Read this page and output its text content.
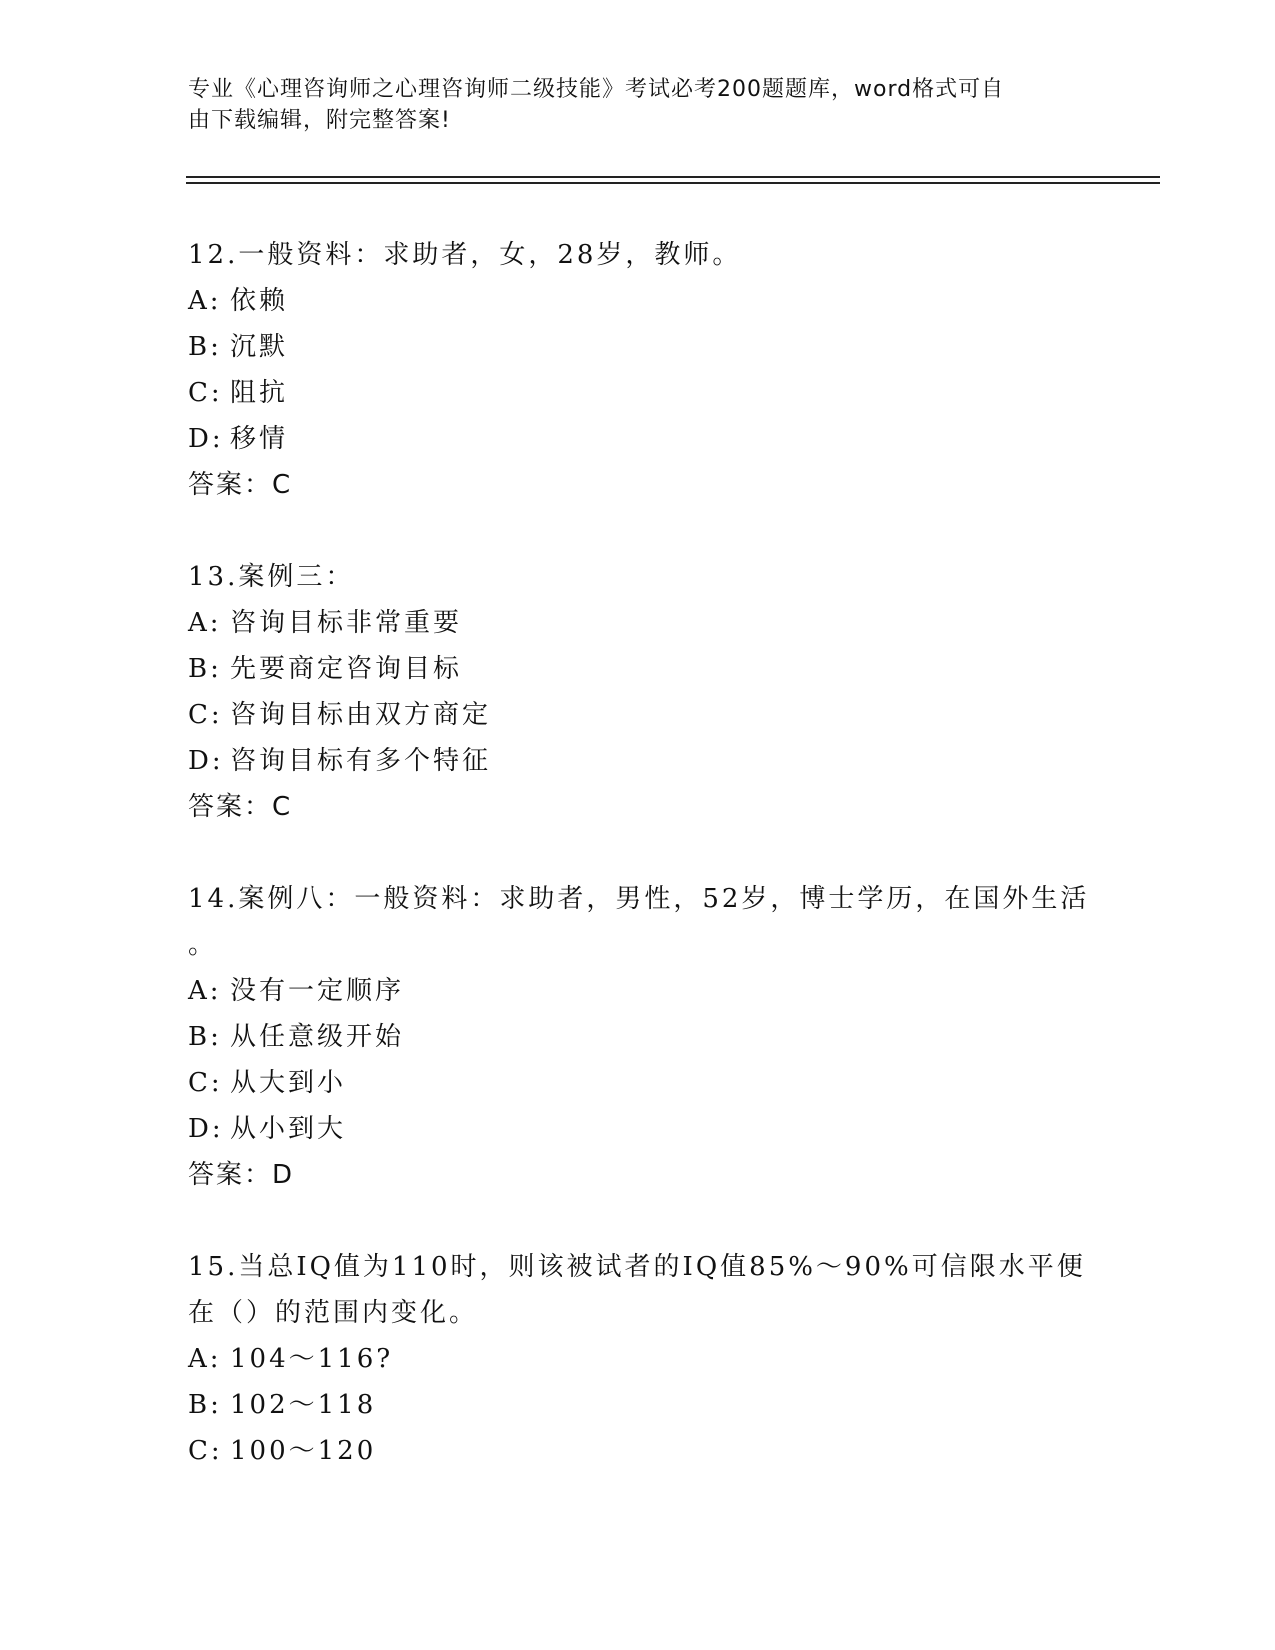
专业《心理咨询师之心理咨询师二级技能》考试必考200题题库，word格式可自
由下载编辑，附完整答案!
12.一般资料：求助者，女，28岁，教师。
A: 依赖
B: 沉默
C: 阻抗
D: 移情
答案：C
13.案例三：
A: 咨询目标非常重要
B: 先要商定咨询目标
C: 咨询目标由双方商定
D: 咨询目标有多个特征
答案：C
14.案例八：一般资料：求助者，男性，52岁，博士学历，在国外生活
。
A: 没有一定顺序
B: 从任意级开始
C: 从大到小
D: 从小到大
答案：D
15.当总IQ值为110时，则该被试者的IQ值85%～90%可信限水平便
在（）的范围内变化。
A: 104～116?
B: 102～118
C: 100～120
